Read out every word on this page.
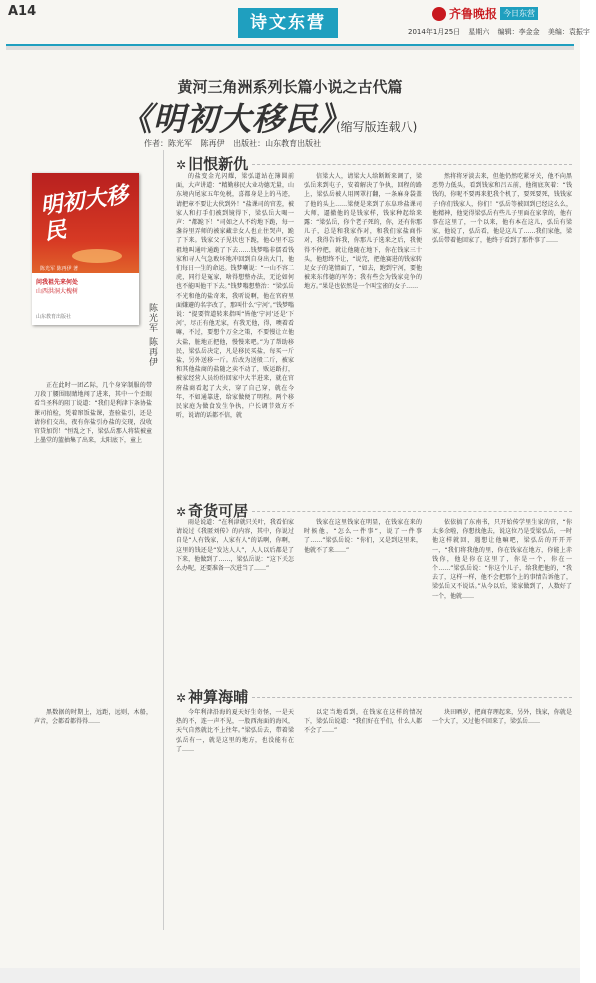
A14
诗文东营	齐鲁晚报 今日东营
2014年1月25日 星期六 编辑：李金金 美编：袁振宇
黄河三角洲系列长篇小说之古代篇
《明初大移民》
(缩写版连载八)
作者：陈光军 陈再伊 出版社：山东教育出版社
明初大移民
陈光军 陈再伊 著
问我祖先来何处
山西洪洞大槐树
山东教育出版社
陈光军
陈再伊

正在此时一团乙际，几个身穿制服的带刀段丁腰围眼睛地闯了进来，其中一个歪眼看当圣科的阻丁说道：“我们是利津卞条协盐课司拍检，凭着窜饭盐课，查验盐引，还是请你们交出，夜有你盐引办盐的交现，没收官贷加罚！”恒乱之下，梁弘岳那人将装被童上墨堂的篮抽集了出来，太阳底下，童上

✲ 旧恨新仇

的盐变金光闪耀，梁弘道站在簿圆前面，大声讲道：“精勤移民大业功德无量，山东境内尾家五年免税，喜都身是上的马迹，请把章不要让大伙到外！”盐课司的官差，被家人和打手们被到镜得下，梁弘岳大喝一声：“都跪下！”司如之人不约地下跪，每一盏谷里弄师的被家藏幸女人也止住哭声，跪了下来。钱家父子见状也下跪，他心里不忘祖地叫通叶通跪了下去……钱梦嗡非儒看钱家和寻人气急败坏地冲回到自身出大门，他们每日一生的命运。钱梦喇说：“一山不容二虎，同行是冤家，啥得想整办法，无论如何也不能叫他干下去。”钱梦嗡想整治：“梁弘岳不光和他的盐奇来，我听说啊，他在官府里面嫌避的名字改了，那叫什么‘宁河’。”钱梦嗡说：“提要管道转来指叫“皆他‘宁河’还是‘下河’，尽正有他无家，有我无他，得，噢着看嘛，不过，要想个万全之策，不要慢让立他大盐，脏地正把他，慢慢来吧。”为了帮助移民，梁弘岳决定，凡是移民买盐，每买一斤盐，另外送移一斤。后改为送般二斤，被家和其他盐商的盐随之卖不动了，贩运路打，被家经营人员纷纷回家中大半进来，就在官府盐商看起了大火，穿了自己穿，就在今年，不如通靠进，给家做便了明程。两个移民家庭为做食发生争执，户长调节效方不听，说请的话都不信，就

信梁大人，请梁大人给断断来调了，梁弘岳来到屯子，安着解决了争执，回程的路上，梁弘岳被人用网罩打翻，一条麻身袋盖了他的头上……梁便是来到了东阜珍盐课司大师，逼撤他的是钱家样，钱家种起给来露：“梁弘岳，你个老子死的，你，还有你那儿子，总是和我家作对，和我们家盐商作对，我得告诉我，你那儿子选来之后，我便得不停把，就让他随在地下，你在钱家三十头，他想终不让，“说完，把他赛进的钱家转足女子的笔情面了，“如去，跑到宁河，要他被来东伟德的军务；我有些会为钱家竞争的地方。”果是也依然是一个叫宝雀的女子……

然将将牙淡去来，但他仍然吃紧牙关，他不向黑恶势力低头，看到钱家和吕五前，他彻底灰着：“钱钱的，你呢不要再来犯我个机了，要死要死，钱钱家子!你们钱家人，你们！”弘岳等被回到已经这么么，他精神，他觉得梁弘岳有些儿子里面在家拿的，他有事在这里了，一个以来，他有本在这儿，弘岳有梁家，他说了，弘岳看，他是这儿了……我们家他，梁弘岳带着他回家了，他终于看到了那件事了……

✲ 奇货可居

雨是说道：“在利津就只关叶，我看伯家请说过《我匿刘传》的内容，其中，你说过自是“人有钱家，人家有人”的话啊，你啊，这里的钱还是“发达人人”，人人以后都是了下来，他做到了……，梁弘岳说：“这下关怎么办呢，还要准备一次进当了……”

钱家在这里钱家在明显，在钱家在来的时候他，“怎么一件事”，说了一件事了……”梁弘岳说：“你们，又是到这里来，他就不了来……”

依依搞了东南书，只开始传学里生家的官，“你太多余啦，你想找他去，说这位乃是受梁弘岳，一时他这样就回，遇想让他嘛吧，梁弘岳的开开开一，“我们将我他的里，你在钱家在地方，你能上赤钱你，他是你在这里了，你是一个，你在一个……”梁弘岳说：“你这个儿子，给我把他的，“我去了，这样一样，他不会把那个上的事情告诉他了，梁弘岳又不说话。”从今以后，梁家做到了，人数好了一个，他就……

✲ 神算海晡

黑数据的时期上，远距，远则，木船，声音，会都看都得得……

今年利津沿海的夏天好生奇怪，一是天热的不，连一声不见，一股西海面的海风，天气自然就比不上往年。”梁弘岳去，带着梁弘岳有一，就是这里的地方，也没能有在了……

以定当地看到，在钱家在这样的情况下，梁弘岳说道：“我们好在乎们，什么人都不会了……”

块田晒岁，把商存理起来，另外，钱家，你就是一个大了，又过他不回来了，梁弘岳……
